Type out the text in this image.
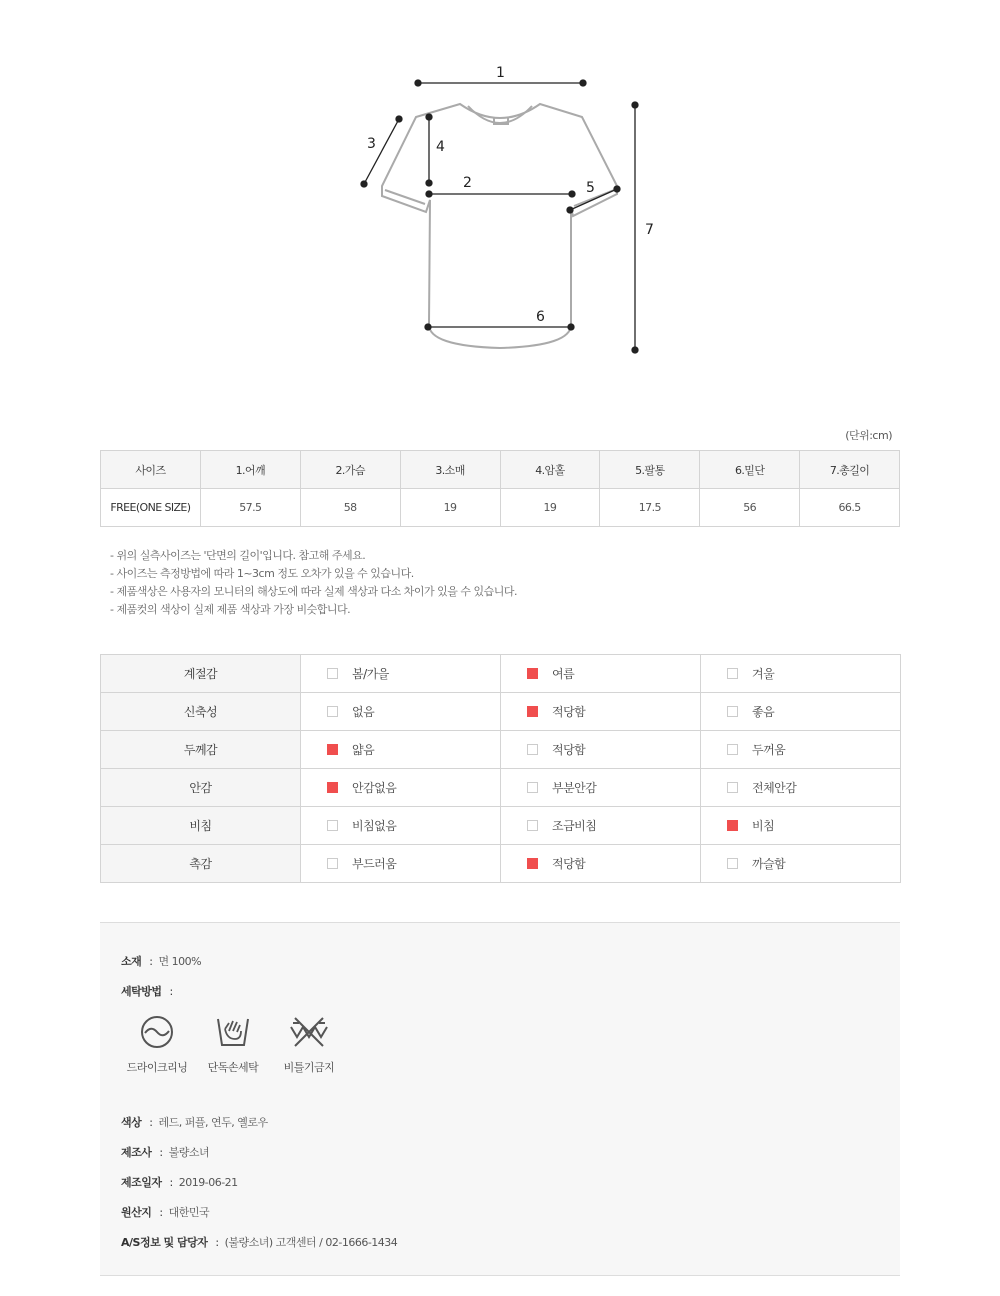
1
2
3	4
5
6
7
(단위:cm)
사이즈	1.어깨	2.가슴	3.소매	4.암홀	5.팔통	6.밑단	7.총길이
FREE(ONE SIZE)	57.5	58	19	19	17.5	56	66.5
- 위의 실측사이즈는 '단면의 길이'입니다. 참고해 주세요.
- 사이즈는 측정방법에 따라 1~3cm 정도 오차가 있을 수 있습니다.
- 제품색상은 사용자의 모니터의 해상도에 따라 실제 색상과 다소 차이가 있을 수 있습니다.
- 제품컷의 색상이 실제 제품 색상과 가장 비슷합니다.
계절감	봄/가을	여름	겨울
신축성	없음	적당함	좋음
두께감	얇음	적당함	두꺼움
안감	안감없음	부분안감	전체안감
비침	비침없음	조금비침	비침
촉감	부드러움	적당함	까슬함
소재 : 면 100%
세탁방법 :
드라이크리닝	단독손세탁	비틀기금지
색상 : 레드, 퍼플, 연두, 옐로우
제조사 : 불량소녀
제조일자 : 2019-06-21
원산지 : 대한민국
A/S정보 및 담당자 : (불량소녀) 고객센터 / 02-1666-1434
